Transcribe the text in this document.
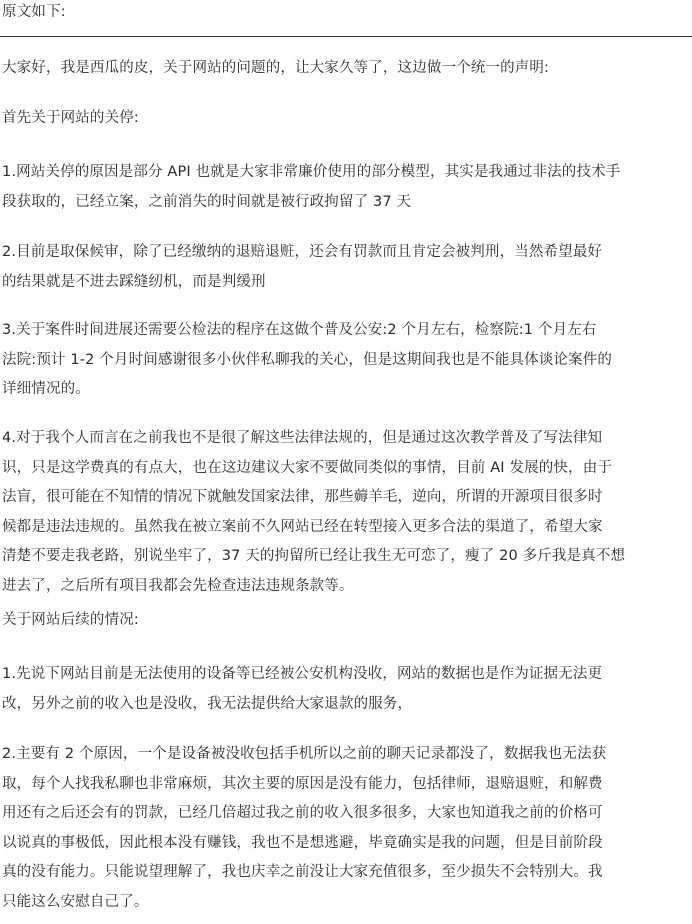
原文如下:

大家好，我是西瓜的皮，关于网站的问题的，让大家久等了，这边做一个统一的声明:

首先关于网站的关停:

1.网站关停的原因是部分 API 也就是大家非常廉价使用的部分模型，其实是我通过非法的技术手
段获取的，已经立案，之前消失的时间就是被行政拘留了 37 天

2.目前是取保候审，除了已经缴纳的退赔退赃，还会有罚款而且肯定会被判刑，当然希望最好
的结果就是不进去踩缝纫机，而是判缓刑

3.关于案件时间进展还需要公检法的程序在这做个普及公安:2 个月左右，检察院:1 个月左右
法院:预计 1-2 个月时间感谢很多小伙伴私聊我的关心，但是这期间我也是不能具体谈论案件的
详细情况的。

4.对于我个人而言在之前我也不是很了解这些法律法规的，但是通过这次教学普及了写法律知
识，只是这学费真的有点大，也在这边建议大家不要做同类似的事情，目前 AI 发展的快，由于
法盲，很可能在不知情的情况下就触发国家法律，那些薅羊毛，逆向，所谓的开源项目很多时
候都是违法违规的。虽然我在被立案前不久网站已经在转型接入更多合法的渠道了，希望大家
清楚不要走我老路，别说坐牢了，37 天的拘留所已经让我生无可恋了，瘦了 20 多斤我是真不想
进去了，之后所有项目我都会先检查违法违规条款等。

关于网站后续的情况:

1.先说下网站目前是无法使用的设备等已经被公安机构没收，网站的数据也是作为证据无法更
改，另外之前的收入也是没收，我无法提供给大家退款的服务，

2.主要有 2 个原因，一个是设备被没收包括手机所以之前的聊天记录都没了，数据我也无法获
取，每个人找我私聊也非常麻烦，其次主要的原因是没有能力，包括律师，退赔退赃，和解费
用还有之后还会有的罚款，已经几倍超过我之前的收入很多很多，大家也知道我之前的价格可
以说真的事极低，因此根本没有赚钱，我也不是想逃避，毕竟确实是我的问题，但是目前阶段
真的没有能力。只能说望理解了，我也庆幸之前没让大家充值很多，至少损失不会特别大。我
只能这么安慰自己了。
